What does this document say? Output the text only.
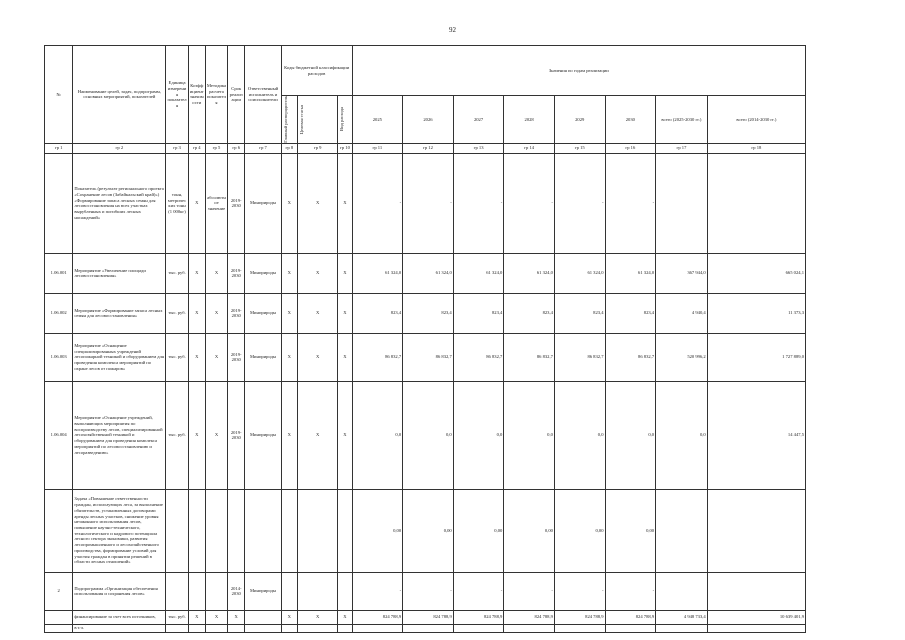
92
№	Наименование целей, задач, подпрограмм, основных мероприятий, показателей	Единица измерения показателя	Коэффициент значимости	Методика расчета показателя	Срок реализации	Ответственный исполнитель и соисполнители	Коды бюджетной классификации расходов			Значения по годам реализации							

							Главный распорядитель	Целевая статья	Вид расхода	2025	2026	2027	2028	2029	2030	всего (2025-2030 гг.)	всего (2014-2030 гг.)
гр 1	гр 2	гр 3	гр 4	гр 5	гр 6	гр 7	гр 8	гр 9	гр 10	гр 11	гр 12	гр 13	гр 14	гр 15	гр 16	гр 17	гр 18
	Показатель (результат регионального проекта «Сохранение лесов (Забайкальский край)») «Формирование запаса лесных семян для лесовосстановления на всех участках вырубленных и погибших лесных насаждений»	тонн, метрических тонн (1 000кг)	X	абсолютное значение	2019-2030	Минприроды	X	X	X	-	-	-	-	-	-		
1.06.001	Мероприятие «Увеличение площади лесовосстановления»	тыс. руб.	X	X	2019-2030	Минприроды	X	X	X	61 324,0	61 324,0	61 324,0	61 324,0	61 324,0	61 324,0	367 944,0	665 024,1
1.06.002	Мероприятие «Формирование запаса лесных семян для лесовосстановления»	тыс. руб.	X	X	2019-2030	Минприроды	X	X	X	823,4	823,4	823,4	823,4	823,4	823,4	4 940,4	11 373,3
1.06.003	Мероприятие «Оснащение специализированных учреждений лесопожарной техникой и оборудованием для проведения комплекса мероприятий по охране лесов от пожаров»	тыс. руб.	X	X	2019-2030	Минприроды	X	X	X	86 832,7	86 832,7	86 832,7	86 832,7	86 832,7	86 832,7	520 996,2	1 727 889,0
1.06.004	Мероприятие «Оснащение учреждений, выполняющих мероприятия по воспроизводству лесов, специализированной лесохозяйственной техникой и оборудованием для проведения комплекса мероприятий по лесовосстановлению и лесоразведению»	тыс. руб.	X	X	2019-2030	Минприроды	X	X	X	0,0	0,0	0,0	0,0	0,0	0,0	0,0	14 447,5
	Задача «Повышение ответственности граждан, использующих леса, за выполнение обязательств, установленных договорами аренды лесных участков, снижение уровня незаконного использования лесов, повышение научно-технического, технологического и кадрового потенциала лесного сектора экономики, развития лесопромышленного и лесохозяйственного производства, формирование условий для участия граждан в принятии решений в области лесных отношений»									0,00	0,00	0,00	0,00	0,00	0,00		
2	Подпрограмма «Организация обеспечения использования и сохранения лесов»				2014-2030	Минприроды				-	-	-	-	-	-		
	финансирование за счет всех источников,	тыс. руб.	X	X	X		X	X	X	824 788,9	824 788,9	824 788,9	824 788,9	824 788,9	824 788,9	4 948 733,4	10 639 401,9
	в т.ч.																
